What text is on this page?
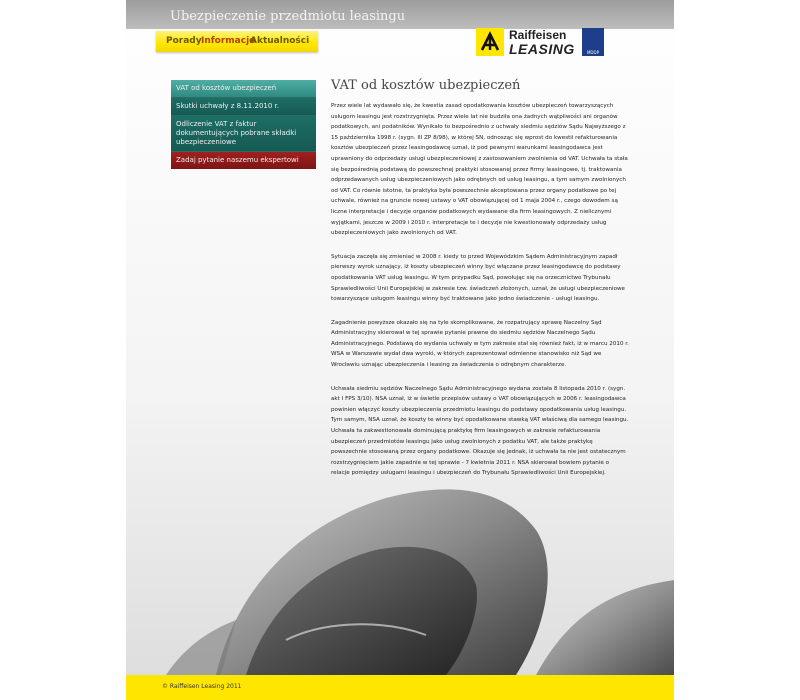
Ubezpieczenie przedmiotu leasingu
Porady Informacje
Aktualności	Raiffeisen
LEASING	MDDP
VAT od kosztów ubezpieczeń
Skutki uchwały z 8.11.2010 r.
Odliczenie VAT z faktur dokumentujących pobrane składki ubezpieczeniowe
Zadaj pytanie naszemu ekspertowi
VAT od kosztów ubezpieczeń

Przez wiele lat wydawało się, że kwestia zasad opodatkowania kosztów ubezpieczeń towarzyszących usługom leasingu jest rozstrzygnięta. Przez wiele lat nie budziła ona żadnych wątpliwości ani organów podatkowych, ani podatników. Wynikało to bezpośrednio z uchwały siedmiu sędziów Sądu Najwyższego z 15 października 1998 r. (sygn. III ZP 8/98), w której SN, odnosząc się wprost do kwestii refakturowania kosztów ubezpieczeń przez leasingodawcę uznał, iż pod pewnymi warunkami leasingodawca jest uprawniony do odprzedaży usługi ubezpieczeniowej z zastosowaniem zwolnienia od VAT. Uchwała ta stała się bezpośrednią podstawą do powszechnej praktyki stosowanej przez firmy leasingowe, tj. traktowania odprzedawanych usług ubezpieczeniowych jako odrębnych od usług leasingu, a tym samym zwolnionych od VAT. Co równie istotne, ta praktyka była powszechnie akceptowana przez organy podatkowe po tej uchwale, również na gruncie nowej ustawy o VAT obowiązującej od 1 maja 2004 r., czego dowodem są liczne interpretacje i decyzje organów podatkowych wydawane dla firm leasingowych. Z nielicznymi wyjątkami, jeszcze w 2009 i 2010 r. interpretacje te i decyzje nie kwestionowały odprzedaży usług ubezpieczeniowych jako zwolnionych od VAT.

Sytuacja zaczęła się zmieniać w 2008 r. kiedy to przed Wojewódzkim Sądem Administracyjnym zapadł pierwszy wyrok uznający, iż koszty ubezpieczeń winny być włączane przez leasingodawcę do podstawy opodatkowania VAT usług leasingu. W tym przypadku Sąd, powołując się na orzecznictwo Trybunału Sprawiedliwości Unii Europejskiej w zakresie tzw. świadczeń złożonych, uznał, że usługi ubezpieczeniowe towarzyszące usługom leasingu winny być traktowane jako jedno świadczenie - usługi leasingu.

Zagadnienie powyższe okazało się na tyle skomplikowane, że rozpatrujący sprawę Naczelny Sąd Administracyjny skierował w tej sprawie pytanie prawne do siedmiu sędziów Naczelnego Sądu Administracyjnego. Podstawą do wydania uchwały w tym zakresie stał się również fakt, iż w marcu 2010 r. WSA w Warszawie wydał dwa wyroki, w których zaprezentował odmienne stanowisko niż Sąd we Wrocławiu uznając ubezpieczenia i leasing za świadczenia o odrębnym charakterze.

Uchwała siedmiu sędziów Naczelnego Sądu Administracyjnego wydana została 8 listopada 2010 r. (sygn. akt I FPS 3/10). NSA uznał, iż w świetle przepisów ustawy o VAT obowiązujących w 2006 r. leasingodawca powinien włączyć koszty ubezpieczenia przedmiotu leasingu do podstawy opodatkowania usług leasingu. Tym samym, NSA uznał, że koszty te winny być opodatkowane stawką VAT właściwą dla samego leasingu. Uchwała ta zakwestionowała dominującą praktykę firm leasingowych w zakresie refakturowania ubezpieczeń przedmiotów leasingu jako usług zwolnionych z podatku VAT, ale także praktykę powszechnie stosowaną przez organy podatkowe. Okazuje się jednak, iż uchwała ta nie jest ostatecznym rozstrzygnięciem jakie zapadnie w tej sprawie - 7 kwietnia 2011 r. NSA skierował bowiem pytanie o relacje pomiędzy usługami leasingu i ubezpieczeń do Trybunału Sprawiedliwości Unii Europejskiej.

© Raiffeisen Leasing 2011
